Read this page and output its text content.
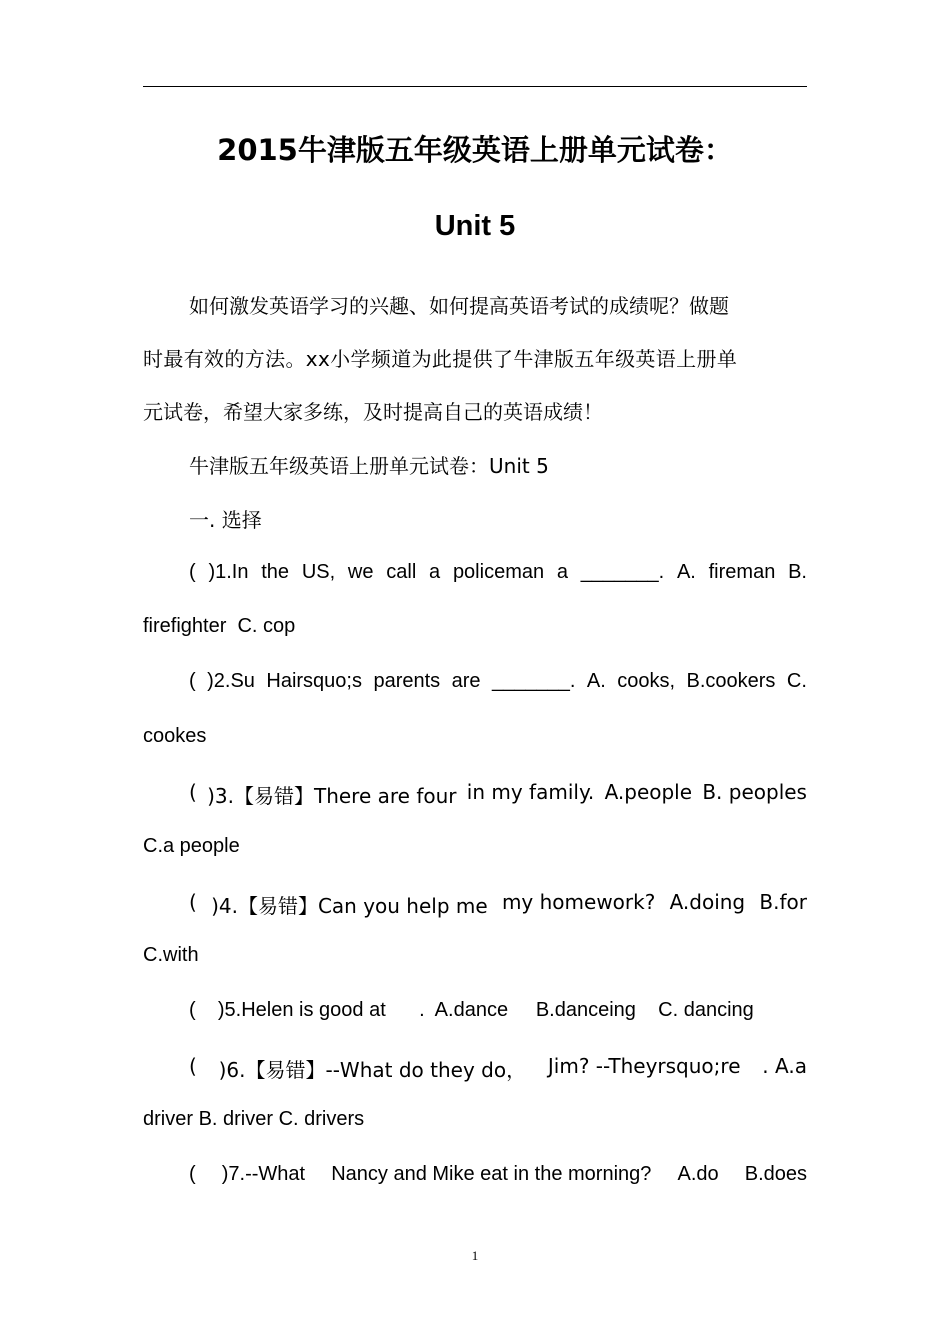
2015牛津版五年级英语上册单元试卷：
Unit 5
如何激发英语学习的兴趣、如何提高英语考试的成绩呢？做题
时最有效的方法。xx小学频道为此提供了牛津版五年级英语上册单
元试卷，希望大家多练，及时提高自己的英语成绩！
牛津版五年级英语上册单元试卷：Unit 5
一. 选择
( )1.In the US, we call a policeman a _______. A. fireman B.
firefighter  C. cop
( )2.Su Hairsquo;s parents are _______. A. cooks, B.cookers C.
cookes
( )3.【易错】There are four in my family. A.people B. peoples
C.a people
( )4.【易错】Can you help me my homework? A.doing B.for
C.with
(    )5.Helen is good at      .  A.dance     B.danceing    C. dancing
( )6.【易错】--What do they do， Jim? --Theyrsquo;re . A.a
driver B. driver C. drivers
( )7.--What Nancy and Mike eat in the morning? A.do B.does
1
